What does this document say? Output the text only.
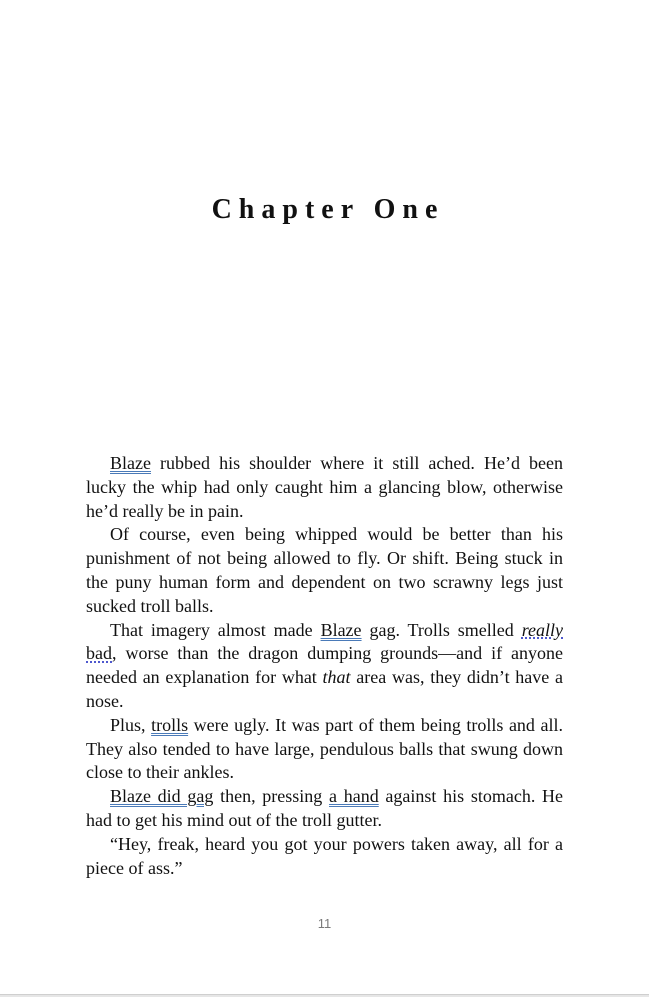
Chapter One

Blaze rubbed his shoulder where it still ached. He’d been lucky the whip had only caught him a glancing blow, otherwise he’d really be in pain.

Of course, even being whipped would be better than his punishment of not being allowed to fly. Or shift. Being stuck in the puny human form and dependent on two scrawny legs just sucked troll balls.

That imagery almost made Blaze gag. Trolls smelled really bad, worse than the dragon dumping grounds—and if anyone needed an explanation for what that area was, they didn’t have a nose.

Plus, trolls were ugly. It was part of them being trolls and all. They also tended to have large, pendulous balls that swung down close to their ankles.

Blaze did gag then, pressing a hand against his stomach. He had to get his mind out of the troll gutter.

“Hey, freak, heard you got your powers taken away, all for a piece of ass.”

11
